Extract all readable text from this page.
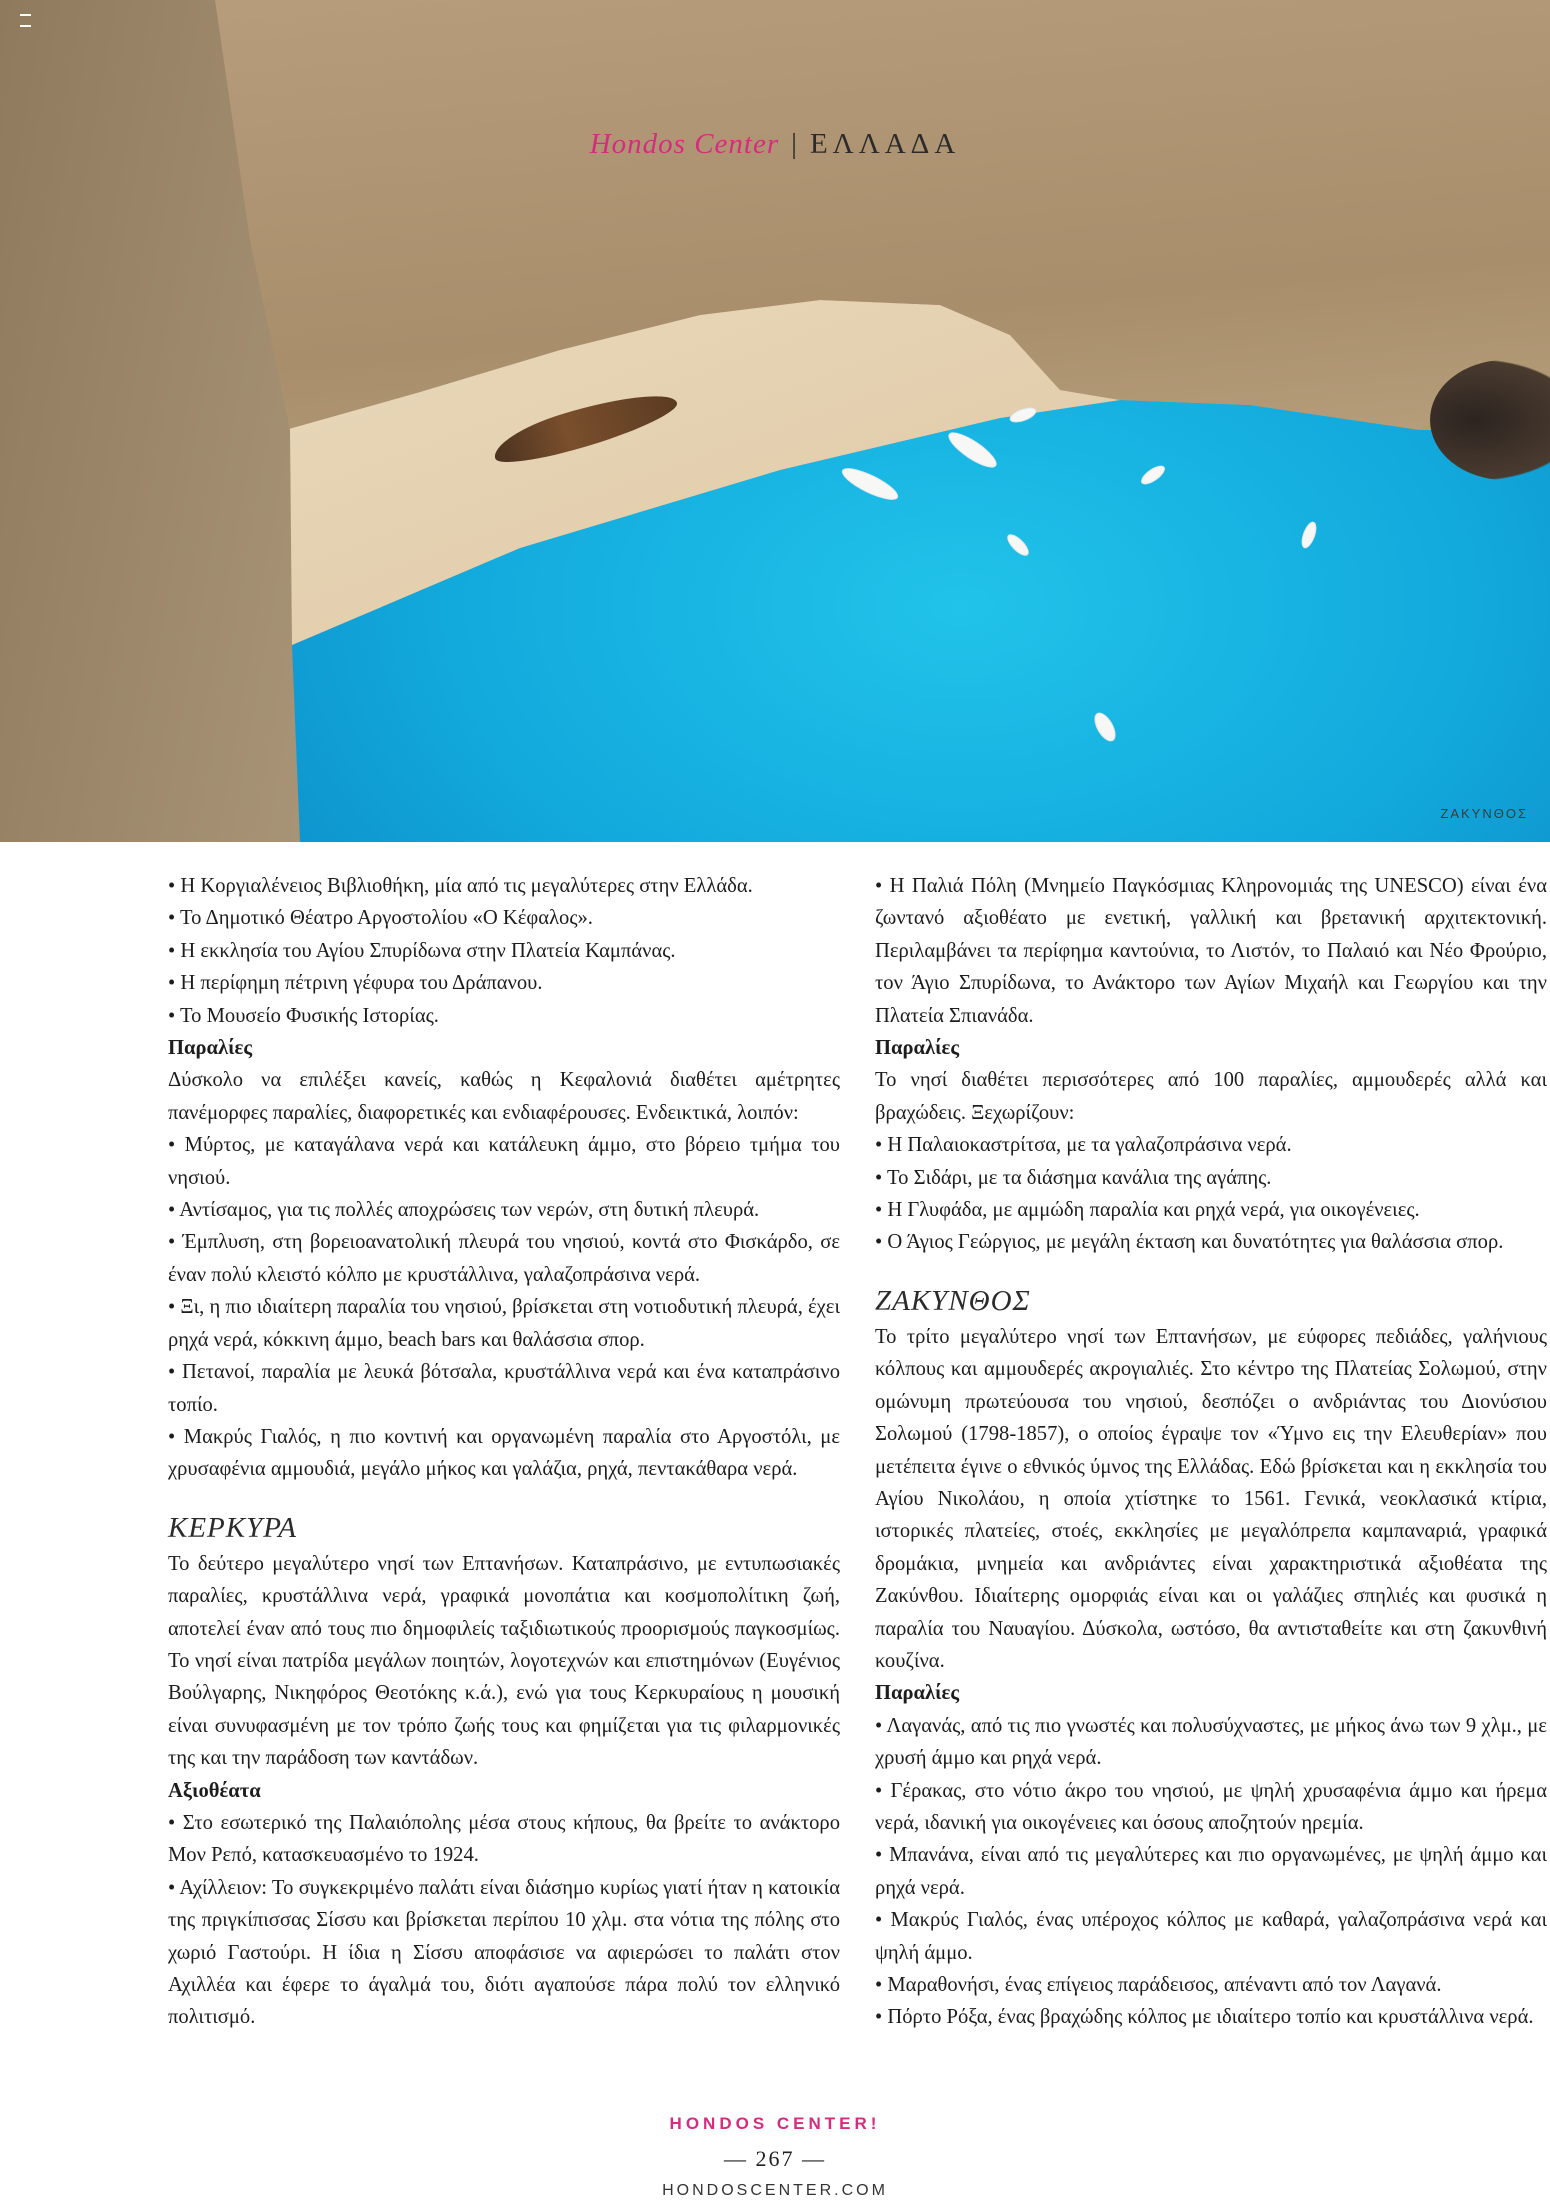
Hondos Center | ΕΛΛΑΔΑ
ΖΑΚΥΝΘΟΣ

• Η Κοργιαλένειος Βιβλιοθήκη, μία από τις μεγαλύτερες στην Ελλάδα.

• Το Δημοτικό Θέατρο Αργοστολίου «Ο Κέφαλος».

• Η εκκλησία του Αγίου Σπυρίδωνα στην Πλατεία Καμπάνας.

• Η περίφημη πέτρινη γέφυρα του Δράπανου.

• Το Μουσείο Φυσικής Ιστορίας.

Παραλίες

Δύσκολο να επιλέξει κανείς, καθώς η Κεφαλονιά διαθέτει αμέτρητες πανέμορφες παραλίες, διαφορετικές και ενδιαφέρουσες. Ενδεικτικά, λοιπόν:

• Μύρτος, με καταγάλανα νερά και κατάλευκη άμμο, στο βόρειο τμήμα του νησιού.

• Αντίσαμος, για τις πολλές αποχρώσεις των νερών, στη δυτική πλευρά.

• Έμπλυση, στη βορειοανατολική πλευρά του νησιού, κοντά στο Φισκάρδο, σε έναν πολύ κλειστό κόλπο με κρυστάλλινα, γαλαζοπράσινα νερά.

• Ξι, η πιο ιδιαίτερη παραλία του νησιού, βρίσκεται στη νοτιοδυτική πλευρά, έχει ρηχά νερά, κόκκινη άμμο, beach bars και θαλάσσια σπορ.

• Πετανοί, παραλία με λευκά βότσαλα, κρυστάλλινα νερά και ένα καταπράσινο τοπίο.

• Μακρύς Γιαλός, η πιο κοντινή και οργανωμένη παραλία στο Αργοστόλι, με χρυσαφένια αμμουδιά, μεγάλο μήκος και γαλάζια, ρηχά, πεντακάθαρα νερά.

ΚΕΡΚΥΡΑ

Το δεύτερο μεγαλύτερο νησί των Επτανήσων. Καταπράσινο, με εντυπωσιακές παραλίες, κρυστάλλινα νερά, γραφικά μονοπάτια και κοσμοπολίτικη ζωή, αποτελεί έναν από τους πιο δημοφιλείς ταξιδιωτικούς προορισμούς παγκοσμίως. Το νησί είναι πατρίδα μεγάλων ποιητών, λογοτεχνών και επιστημόνων (Ευγένιος Βούλγαρης, Νικηφόρος Θεοτόκης κ.ά.), ενώ για τους Κερκυραίους η μουσική είναι συνυφασμένη με τον τρόπο ζωής τους και φημίζεται για τις φιλαρμονικές της και την παράδοση των καντάδων.

Αξιοθέατα

• Στο εσωτερικό της Παλαιόπολης μέσα στους κήπους, θα βρείτε το ανάκτορο Μον Ρεπό, κατασκευασμένο το 1924.

• Αχίλλειον: Το συγκεκριμένο παλάτι είναι διάσημο κυρίως γιατί ήταν η κατοικία της πριγκίπισσας Σίσσυ και βρίσκεται περίπου 10 χλμ. στα νότια της πόλης στο χωριό Γαστούρι. Η ίδια η Σίσσυ αποφάσισε να αφιερώσει το παλάτι στον Αχιλλέα και έφερε το άγαλμά του, διότι αγαπούσε πάρα πολύ τον ελληνικό πολιτισμό.

• Η Παλιά Πόλη (Μνημείο Παγκόσμιας Κληρονομιάς της UNESCO) είναι ένα ζωντανό αξιοθέατο με ενετική, γαλλική και βρετανική αρχιτεκτονική. Περιλαμβάνει τα περίφημα καντούνια, το Λιστόν, το Παλαιό και Νέο Φρούριο, τον Άγιο Σπυρίδωνα, το Ανάκτορο των Αγίων Μιχαήλ και Γεωργίου και την Πλατεία Σπιανάδα.

Παραλίες

Το νησί διαθέτει περισσότερες από 100 παραλίες, αμμουδερές αλλά και βραχώδεις. Ξεχωρίζουν:

• Η Παλαιοκαστρίτσα, με τα γαλαζοπράσινα νερά.

• Το Σιδάρι, με τα διάσημα κανάλια της αγάπης.

• Η Γλυφάδα, με αμμώδη παραλία και ρηχά νερά, για οικογένειες.

• Ο Άγιος Γεώργιος, με μεγάλη έκταση και δυνατότητες για θαλάσσια σπορ.

ΖΑΚΥΝΘΟΣ

Το τρίτο μεγαλύτερο νησί των Επτανήσων, με εύφορες πεδιάδες, γαλήνιους κόλπους και αμμουδερές ακρογιαλιές. Στο κέντρο της Πλατείας Σολωμού, στην ομώνυμη πρωτεύουσα του νησιού, δεσπόζει ο ανδριάντας του Διονύσιου Σολωμού (1798-1857), ο οποίος έγραψε τον «Ύμνο εις την Ελευθερίαν» που μετέπειτα έγινε ο εθνικός ύμνος της Ελλάδας. Εδώ βρίσκεται και η εκκλησία του Αγίου Νικολάου, η οποία χτίστηκε το 1561. Γενικά, νεοκλασικά κτίρια, ιστορικές πλατείες, στοές, εκκλησίες με μεγαλόπρεπα καμπαναριά, γραφικά δρομάκια, μνημεία και ανδριάντες είναι χαρακτηριστικά αξιοθέατα της Ζακύνθου. Ιδιαίτερης ομορφιάς είναι και οι γαλάζιες σπηλιές και φυσικά η παραλία του Ναυαγίου. Δύσκολα, ωστόσο, θα αντισταθείτε και στη ζακυνθινή κουζίνα.

Παραλίες

• Λαγανάς, από τις πιο γνωστές και πολυσύχναστες, με μήκος άνω των 9 χλμ., με χρυσή άμμο και ρηχά νερά.

• Γέρακας, στο νότιο άκρο του νησιού, με ψηλή χρυσαφένια άμμο και ήρεμα νερά, ιδανική για οικογένειες και όσους αποζητούν ηρεμία.

• Μπανάνα, είναι από τις μεγαλύτερες και πιο οργανωμένες, με ψηλή άμμο και ρηχά νερά.

• Μακρύς Γιαλός, ένας υπέροχος κόλπος με καθαρά, γαλαζοπράσινα νερά και ψηλή άμμο.

• Μαραθονήσι, ένας επίγειος παράδεισος, απέναντι από τον Λαγανά.

• Πόρτο Ρόξα, ένας βραχώδης κόλπος με ιδιαίτερο τοπίο και κρυστάλλινα νερά.

HONDOS CENTER!
— 267 —
HONDOSCENTER.COM
